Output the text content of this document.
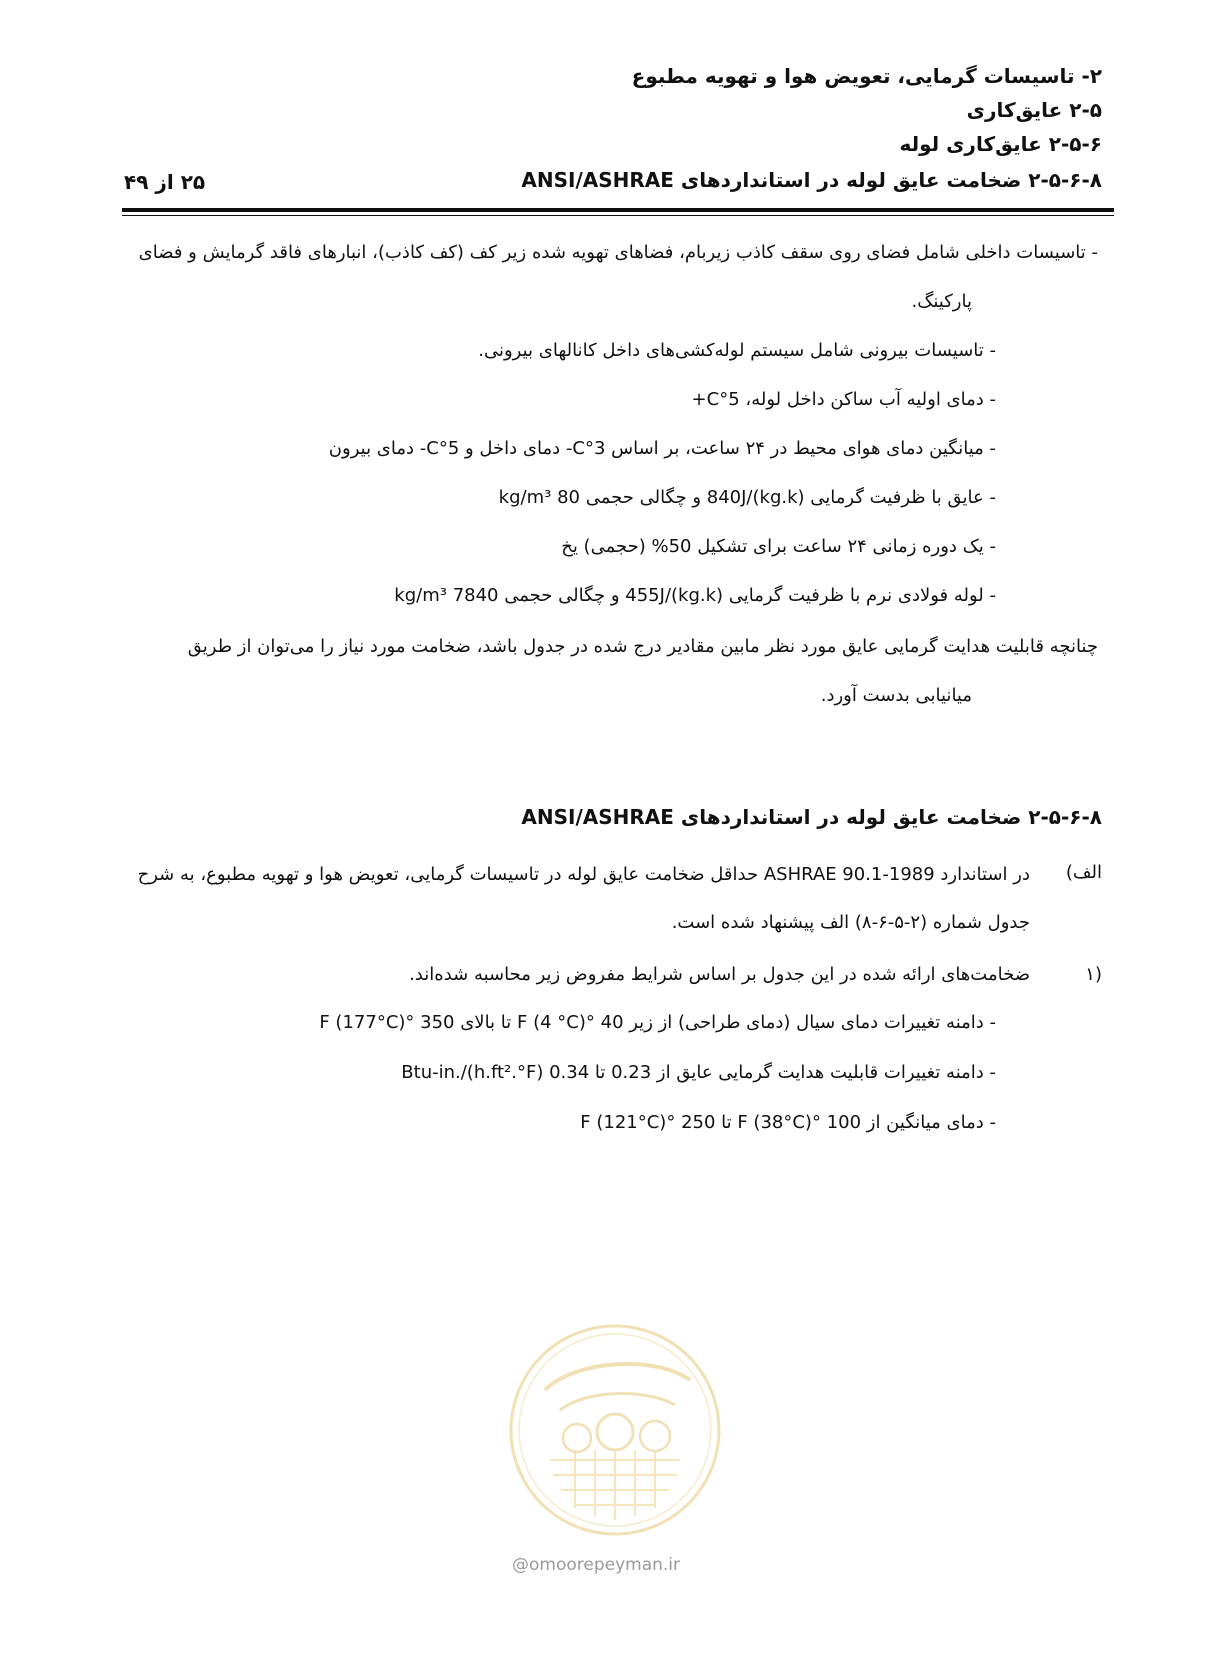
۲- تاسیسات گرمایی، تعویض هوا و تهویه مطبوع
۲-۵ عایق‌کاری
۲-۵-۶ عایق‌کاری لوله
۲-۵-۶-۸ ضخامت عایق لوله در استانداردهای ANSI/ASHRAE
۲۵ از ۴۹
- تاسیسات داخلی شامل فضای روی سقف کاذب زیربام، فضاهای تهویه شده زیر کف (کف کاذب)، انبارهای فاقد گرمایش و فضای
پارکینگ.
- تاسیسات بیرونی شامل سیستم لوله‌کشی‌های داخل کانالهای بیرونی.
- دمای اولیه آب ساکن داخل لوله، 5°C+
- میانگین دمای هوای محیط در ۲۴ ساعت، بر اساس 3°C- دمای داخل و 5°C- دمای بیرون
- عایق با ظرفیت گرمایی 840J/(kg.k) و چگالی حجمی 80 kg/m³
- یک دوره زمانی ۲۴ ساعت برای تشکیل 50% (حجمی) یخ
- لوله فولادی نرم با ظرفیت گرمایی 455J/(kg.k) و چگالی حجمی 7840 kg/m³
چنانچه قابلیت هدایت گرمایی عایق مورد نظر مابین مقادیر درج شده در جدول باشد، ضخامت مورد نیاز را می‌توان از طریق
میانیابی بدست آورد.
۲-۵-۶-۸ ضخامت عایق لوله در استانداردهای ANSI/ASHRAE
الف)
در استاندارد ASHRAE 90.1-1989 حداقل ضخامت عایق لوله در تاسیسات گرمایی، تعویض هوا و تهویه مطبوع، به شرح
جدول شماره (۲-۵-۶-۸) الف پیشنهاد شده است.
(۱
ضخامت‌های ارائه شده در این جدول بر اساس شرایط مفروض زیر محاسبه شده‌اند.
- دامنه تغییرات دمای سیال (دمای طراحی) از زیر 40 °F (4 °C) تا بالای 350 °F (177°C)
- دامنه تغییرات قابلیت هدایت گرمایی عایق از 0.23 تا 0.34 Btu-in./(h.ft².°F)
- دمای میانگین از 100 °F (38°C) تا 250 °F (121°C)
@omoorepeyman.ir
